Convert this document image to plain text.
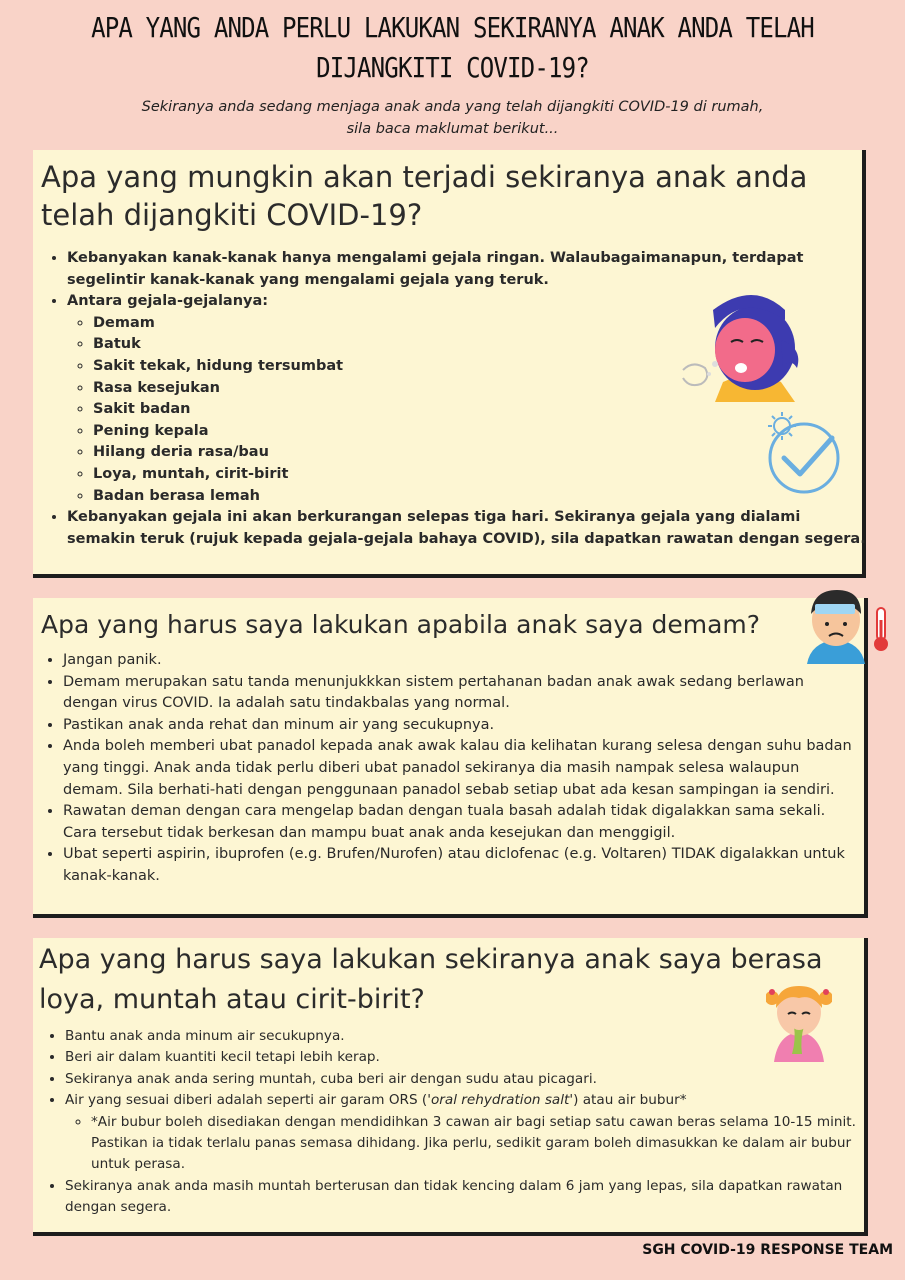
APA YANG ANDA PERLU LAKUKAN SEKIRANYA ANAK ANDA TELAH DIJANGKITI COVID-19?
Sekiranya anda sedang menjaga anak anda yang telah dijangkiti COVID-19 di rumah,
sila baca maklumat berikut...
Apa yang mungkin akan terjadi sekiranya anak anda telah dijangkiti COVID-19?
• Kebanyakan kanak-kanak hanya mengalami gejala ringan. Walaubagaimanapun, terdapat segelintir kanak-kanak yang mengalami gejala yang teruk.
• Antara gejala-gejalanya:
◦ Demam
◦ Batuk
◦ Sakit tekak, hidung tersumbat
◦ Rasa kesejukan
◦ Sakit badan
◦ Pening kepala
◦ Hilang deria rasa/bau
◦ Loya, muntah, cirit-birit
◦ Badan berasa lemah
• Kebanyakan gejala ini akan berkurangan selepas tiga hari. Sekiranya gejala yang dialami semakin teruk (rujuk kepada gejala-gejala bahaya COVID), sila dapatkan rawatan dengan segera.
Apa yang harus saya lakukan apabila anak saya demam?
• Jangan panik.
• Demam merupakan satu tanda menunjukkkan sistem pertahanan badan anak awak sedang berlawan dengan virus COVID. Ia adalah satu tindakbalas yang normal.
• Pastikan anak anda rehat dan minum air yang secukupnya.
• Anda boleh memberi ubat panadol kepada anak awak kalau dia kelihatan kurang selesa dengan suhu badan yang tinggi. Anak anda tidak perlu diberi ubat panadol sekiranya dia masih nampak selesa walaupun demam. Sila berhati-hati dengan penggunaan panadol sebab setiap ubat ada kesan sampingan ia sendiri.
• Rawatan deman dengan cara mengelap badan dengan tuala basah adalah tidak digalakkan sama sekali. Cara tersebut tidak berkesan dan mampu buat anak anda kesejukan dan menggigil.
• Ubat seperti aspirin, ibuprofen (e.g. Brufen/Nurofen) atau diclofenac (e.g. Voltaren) TIDAK digalakkan untuk kanak-kanak.
Apa yang harus saya lakukan sekiranya anak saya berasa loya, muntah atau cirit-birit?
• Bantu anak anda minum air secukupnya.
• Beri air dalam kuantiti kecil tetapi lebih kerap.
• Sekiranya anak anda sering muntah, cuba beri air dengan sudu atau picagari.
• Air yang sesuai diberi adalah seperti air garam ORS ('oral rehydration salt') atau air bubur*
◦ *Air bubur boleh disediakan dengan mendidihkan 3 cawan air bagi setiap satu cawan beras selama 10-15 minit. Pastikan ia tidak terlalu panas semasa dihidang. Jika perlu, sedikit garam boleh dimasukkan ke dalam air bubur untuk perasa.
• Sekiranya anak anda masih muntah berterusan dan tidak kencing dalam 6 jam yang lepas, sila dapatkan rawatan dengan segera.
SGH COVID-19 RESPONSE TEAM
